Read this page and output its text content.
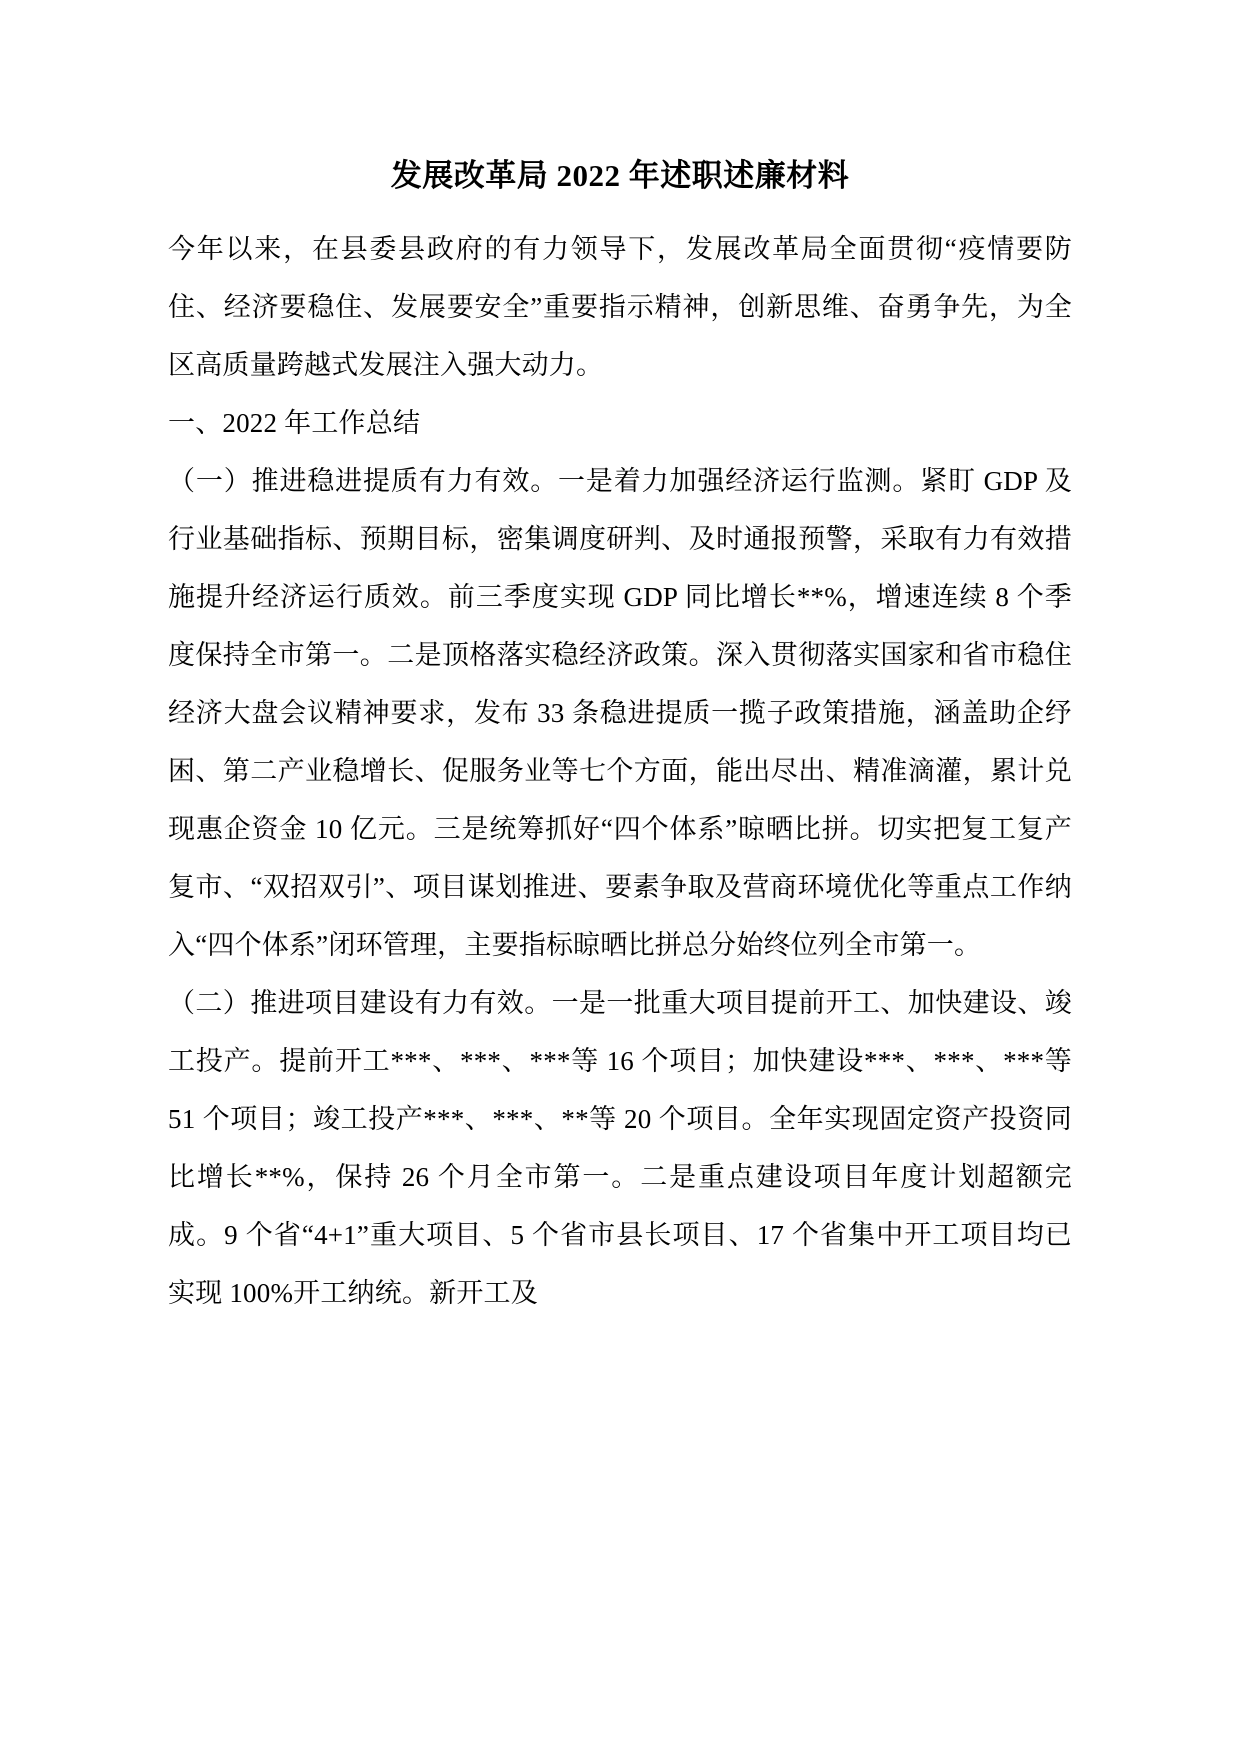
发展改革局 2022 年述职述廉材料

今年以来，在县委县政府的有力领导下，发展改革局全面贯彻“疫情要防住、经济要稳住、发展要安全”重要指示精神，创新思维、奋勇争先，为全区高质量跨越式发展注入强大动力。

一、2022 年工作总结

（一）推进稳进提质有力有效。一是着力加强经济运行监测。紧盯 GDP 及行业基础指标、预期目标，密集调度研判、及时通报预警，采取有力有效措施提升经济运行质效。前三季度实现 GDP 同比增长**%，增速连续 8 个季度保持全市第一。二是顶格落实稳经济政策。深入贯彻落实国家和省市稳住经济大盘会议精神要求，发布 33 条稳进提质一揽子政策措施，涵盖助企纾困、第二产业稳增长、促服务业等七个方面，能出尽出、精准滴灌，累计兑现惠企资金 10 亿元。三是统筹抓好“四个体系”晾晒比拼。切实把复工复产复市、“双招双引”、项目谋划推进、要素争取及营商环境优化等重点工作纳入“四个体系”闭环管理，主要指标晾晒比拼总分始终位列全市第一。

（二）推进项目建设有力有效。一是一批重大项目提前开工、加快建设、竣工投产。提前开工***、***、***等 16 个项目；加快建设***、***、***等 51 个项目；竣工投产***、***、**等 20 个项目。全年实现固定资产投资同比增长**%，保持 26 个月全市第一。二是重点建设项目年度计划超额完成。9 个省“4+1”重大项目、5 个省市县长项目、17 个省集中开工项目均已实现 100%开工纳统。新开工及
